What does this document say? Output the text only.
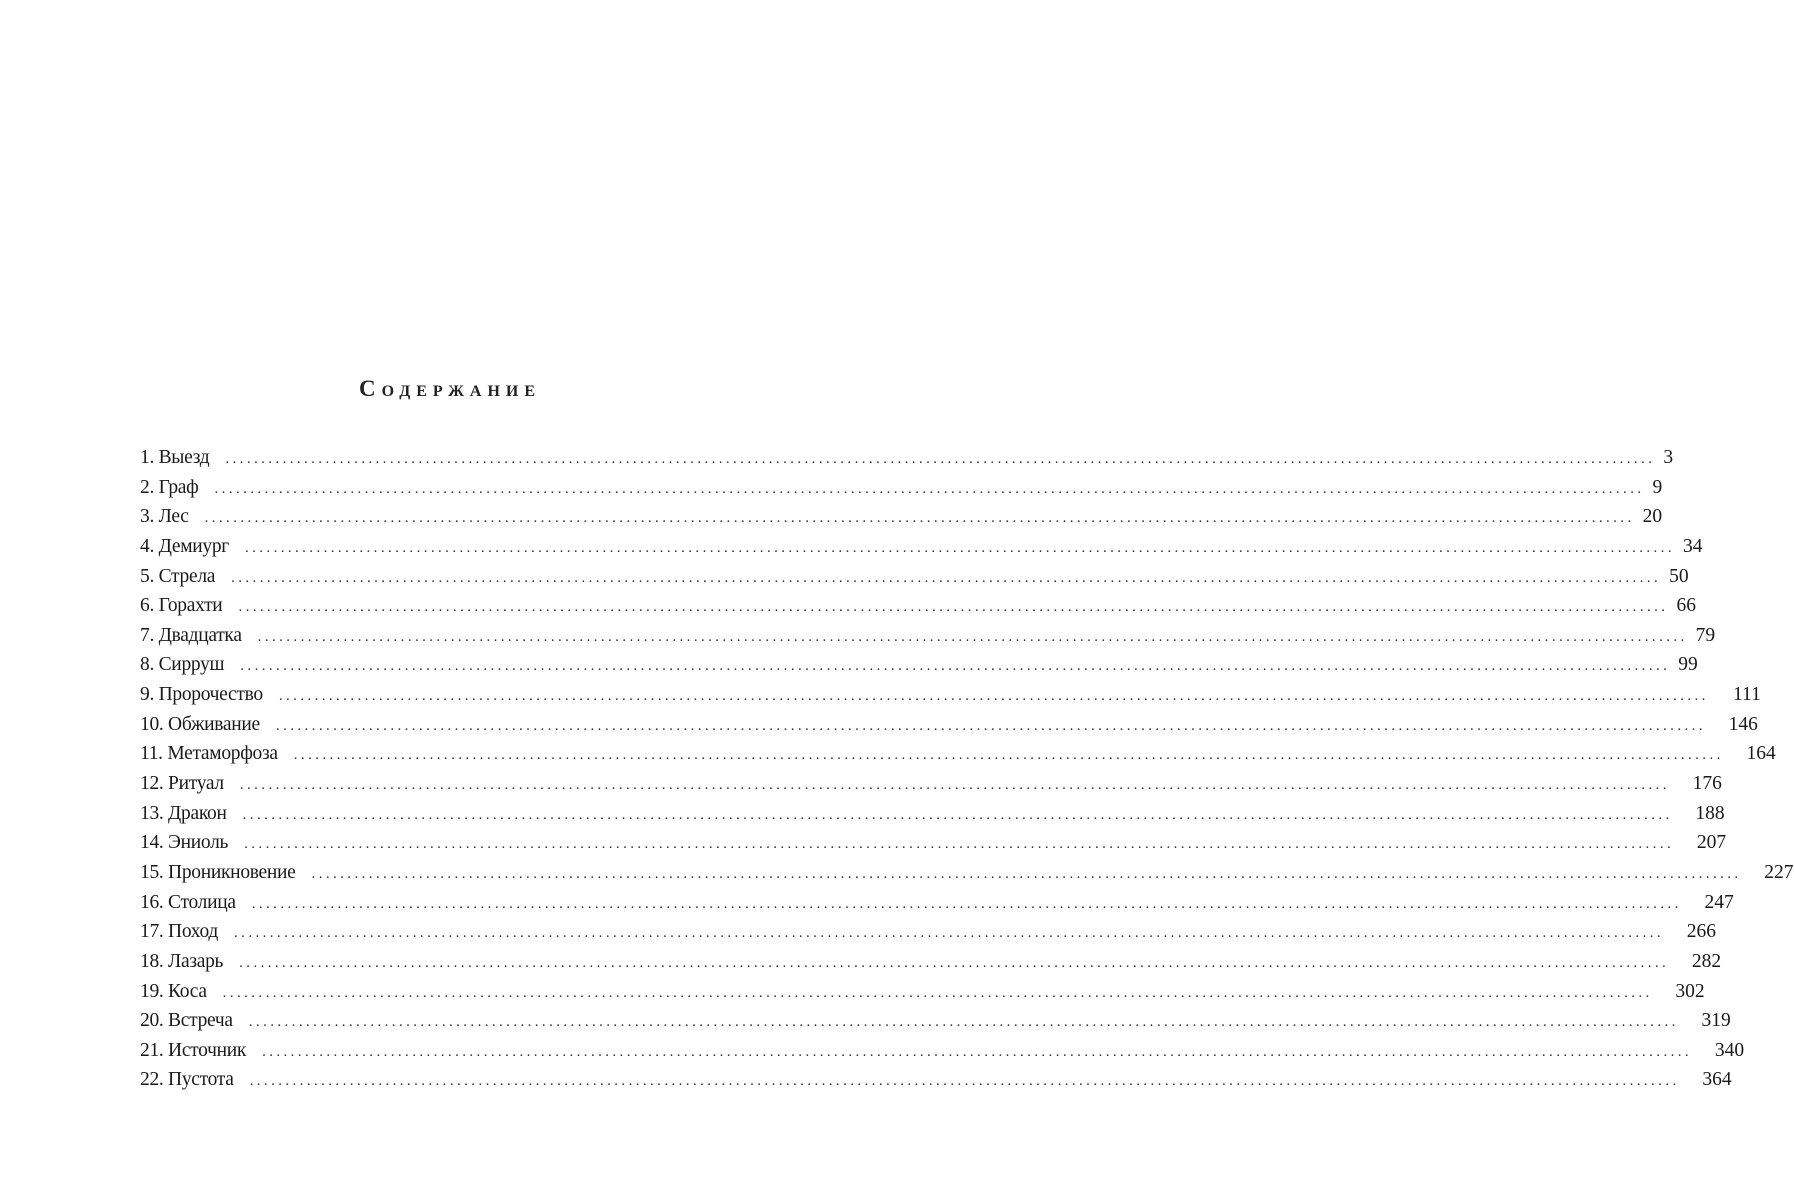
Содержание
1. Выезд	........................................................................................................................................................................................................ 3
2. Граф	........................................................................................................................................................................................................ 9
3. Лес	........................................................................................................................................................................................................ 20
4. Демиург	........................................................................................................................................................................................................ 34
5. Стрела	........................................................................................................................................................................................................ 50
6. Горахти	........................................................................................................................................................................................................ 66
7. Двадцатка	........................................................................................................................................................................................................ 79
8. Сирруш	........................................................................................................................................................................................................ 99
9. Пророчество	........................................................................................................................................................................................................	111
10. Обживание	........................................................................................................................................................................................................	146
11. Метаморфоза	........................................................................................................................................................................................................	164
12. Ритуал	........................................................................................................................................................................................................	176
13. Дракон	........................................................................................................................................................................................................	188
14. Эниоль	........................................................................................................................................................................................................	207
15. Проникновение	........................................................................................................................................................................................................	227
16. Столица	........................................................................................................................................................................................................	247
17. Поход	........................................................................................................................................................................................................	266
18. Лазарь	........................................................................................................................................................................................................	282
19. Коса	........................................................................................................................................................................................................	302
20. Встреча	........................................................................................................................................................................................................	319
21. Источник	........................................................................................................................................................................................................	340
22. Пустота	........................................................................................................................................................................................................	364
